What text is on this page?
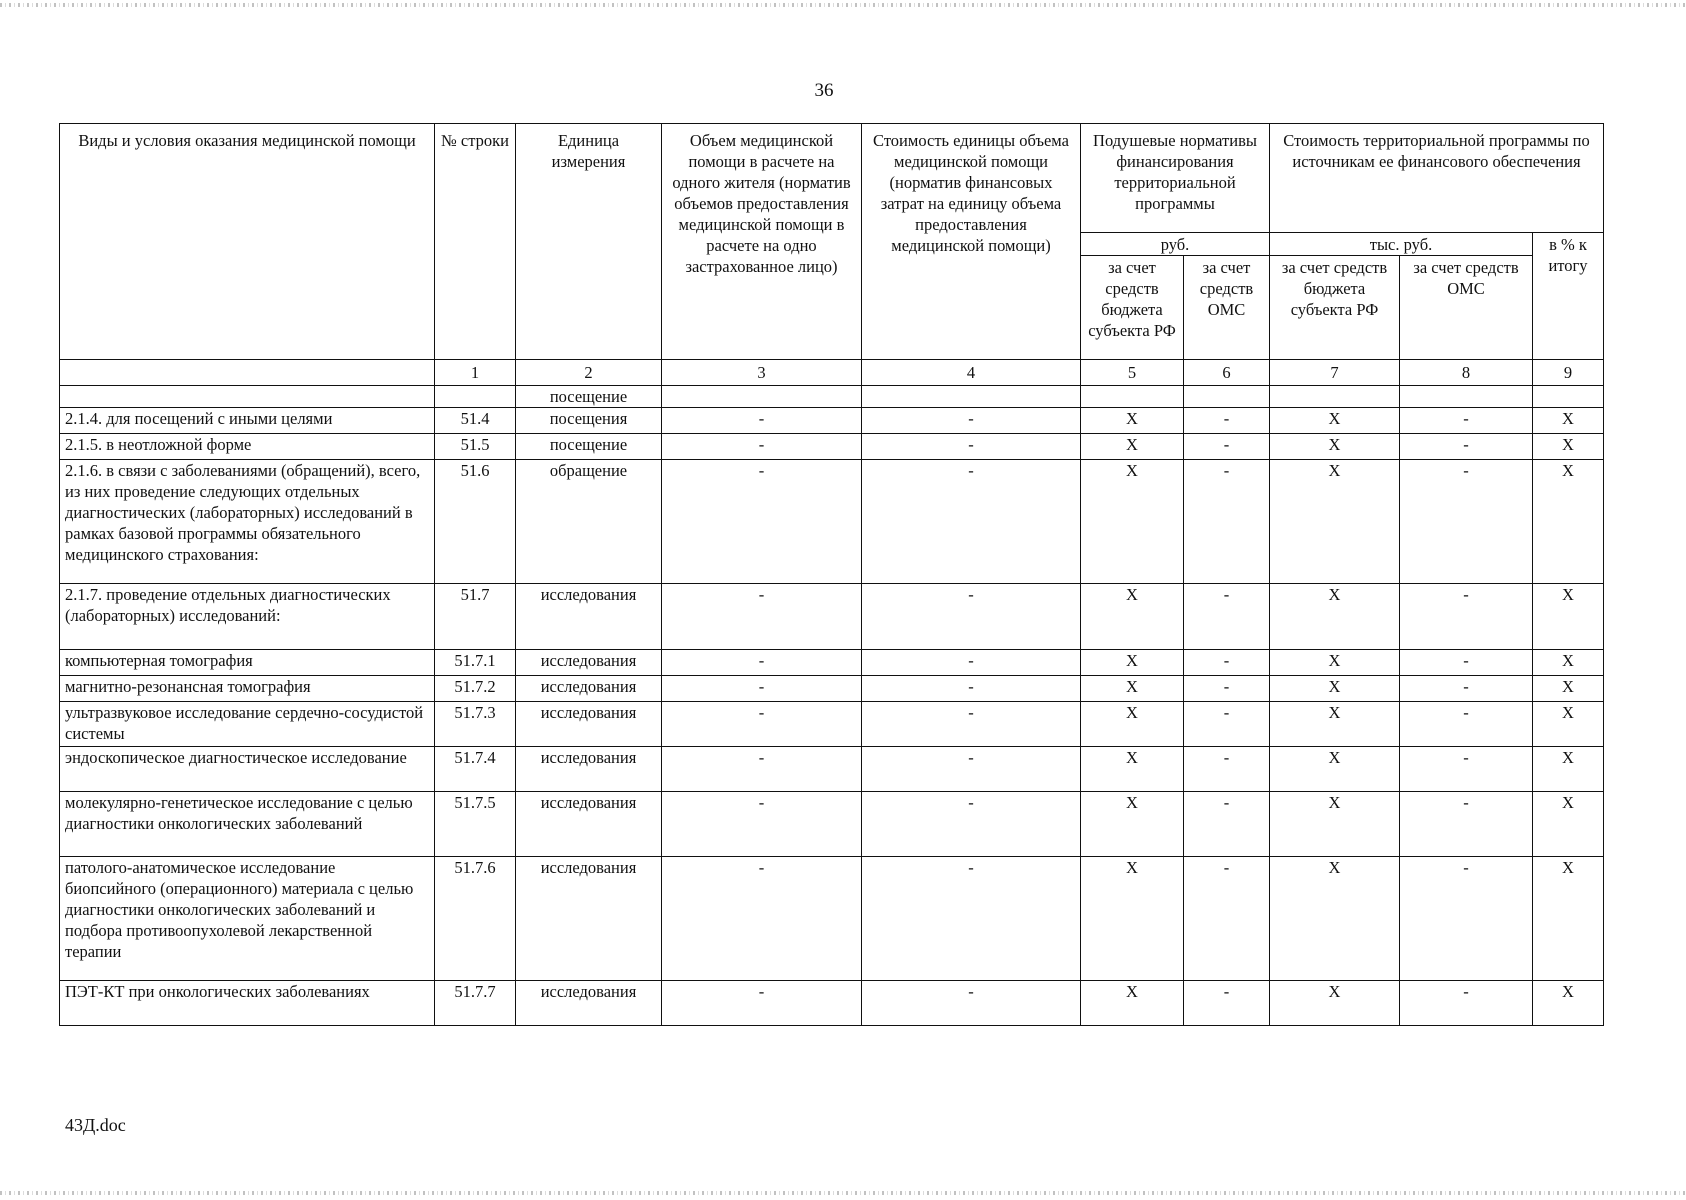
36
Виды и условия оказания медицинской помощи	№ строки	Единица измерения	Объем медицинской помощи в расчете на одного жителя (норматив объемов предоставления медицинской помощи в расчете на одно застрахованное лицо)	Стоимость единицы объема медицинской помощи (норматив финансовых затрат на единицу объема предоставления медицинской помощи)	Подушевые нормативы финансирования территориальной программы		Стоимость территориальной программы по источникам ее финансового обеспечения		
					руб.		тыс. руб.		в % к итогу
					за счет средств бюджета субъекта РФ	за счет средств ОМС	за счет средств бюджета субъекта РФ	за счет средств ОМС	
	1	2	3	4	5	6	7	8	9
		посещение							
2.1.4. для посещений с иными целями	51.4	посещения	-	-	X	-	X	-	X
2.1.5. в неотложной форме	51.5	посещение	-	-	X	-	X	-	X
2.1.6. в связи с заболеваниями (обращений), всего, из них проведение следующих отдельных диагностических (лабораторных) исследований в рамках базовой программы обязательного медицинского страхования:	51.6	обращение	-	-	X	-	X	-	X
2.1.7. проведение отдельных диагностических (лабораторных) исследований:	51.7	исследования	-	-	X	-	X	-	X
компьютерная томография	51.7.1	исследования	-	-	X	-	X	-	X
магнитно-резонансная томография	51.7.2	исследования	-	-	X	-	X	-	X
ультразвуковое исследование сердечно-сосудистой системы	51.7.3	исследования	-	-	X	-	X	-	X
эндоскопическое диагностическое исследование	51.7.4	исследования	-	-	X	-	X	-	X
молекулярно-генетическое исследование с целью диагностики онкологических заболеваний	51.7.5	исследования	-	-	X	-	X	-	X
патолого-анатомическое исследование биопсийного (операционного) материала с целью диагностики онкологических заболеваний и подбора противоопухолевой лекарственной терапии	51.7.6	исследования	-	-	X	-	X	-	X
ПЭТ-КТ при онкологических заболеваниях	51.7.7	исследования	-	-	X	-	X	-	X
43Д.doc
